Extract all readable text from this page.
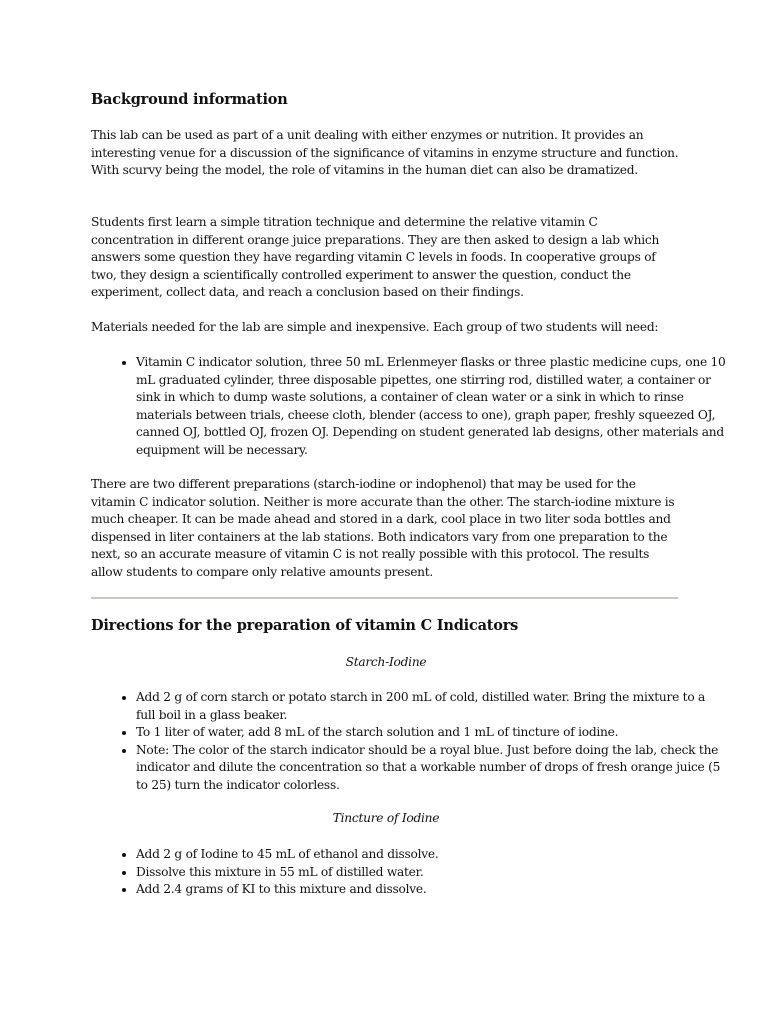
Background information

This lab can be used as part of a unit dealing with either enzymes or nutrition. It provides an interesting venue for a discussion of the significance of vitamins in enzyme structure and function. With scurvy being the model, the role of vitamins in the human diet can also be dramatized.

Students first learn a simple titration technique and determine the relative vitamin C concentration in different orange juice preparations. They are then asked to design a lab which answers some question they have regarding vitamin C levels in foods. In cooperative groups of two, they design a scientifically controlled experiment to answer the question, conduct the experiment, collect data, and reach a conclusion based on their findings.

Materials needed for the lab are simple and inexpensive. Each group of two students will need:

• Vitamin C indicator solution, three 50 mL Erlenmeyer flasks or three plastic medicine cups, one 10 mL graduated cylinder, three disposable pipettes, one stirring rod, distilled water, a container or sink in which to dump waste solutions, a container of clean water or a sink in which to rinse materials between trials, cheese cloth, blender (access to one), graph paper, freshly squeezed OJ, canned OJ, bottled OJ, frozen OJ. Depending on student generated lab designs, other materials and equipment will be necessary.

There are two different preparations (starch-iodine or indophenol) that may be used for the vitamin C indicator solution. Neither is more accurate than the other. The starch-iodine mixture is much cheaper. It can be made ahead and stored in a dark, cool place in two liter soda bottles and dispensed in liter containers at the lab stations. Both indicators vary from one preparation to the next, so an accurate measure of vitamin C is not really possible with this protocol. The results allow students to compare only relative amounts present.

Directions for the preparation of vitamin C Indicators
Starch-Iodine
• Add 2 g of corn starch or potato starch in 200 mL of cold, distilled water. Bring the mixture to a full boil in a glass beaker.
• To 1 liter of water, add 8 mL of the starch solution and 1 mL of tincture of iodine.
• Note: The color of the starch indicator should be a royal blue. Just before doing the lab, check the indicator and dilute the concentration so that a workable number of drops of fresh orange juice (5 to 25) turn the indicator colorless.
Tincture of Iodine
• Add 2 g of Iodine to 45 mL of ethanol and dissolve.
• Dissolve this mixture in 55 mL of distilled water.
• Add 2.4 grams of KI to this mixture and dissolve.
